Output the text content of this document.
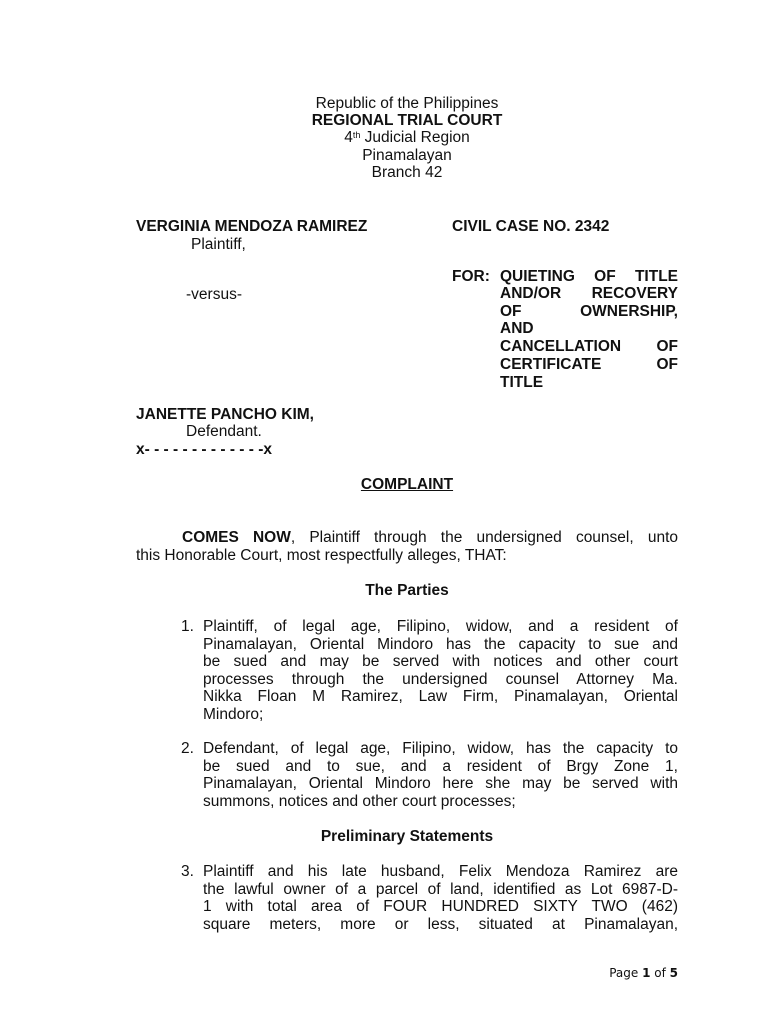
Republic of the Philippines
REGIONAL TRIAL COURT
4th Judicial Region
Pinamalayan
Branch 42
VERGINIA MENDOZA RAMIREZ
Plaintiff,
CIVIL CASE NO. 2342
FOR: QUIETING OF TITLE
AND/OR RECOVERY
OF OWNERSHIP,
AND
CANCELLATION OF
CERTIFICATE OF
TITLE
-versus-
JANETTE PANCHO KIM,
Defendant.
x- - - - - - - - - - - - -x
COMPLAINT
COMES NOW, Plaintiff through the undersigned counsel, unto
this Honorable Court, most respectfully alleges, THAT:
The Parties
1. Plaintiff, of legal age, Filipino, widow, and a resident of
Pinamalayan, Oriental Mindoro has the capacity to sue and
be sued and may be served with notices and other court
processes through the undersigned counsel Attorney Ma.
Nikka Floan M Ramirez, Law Firm, Pinamalayan, Oriental
Mindoro;
2. Defendant, of legal age, Filipino, widow, has the capacity to
be sued and to sue, and a resident of Brgy Zone 1,
Pinamalayan, Oriental Mindoro here she may be served with
summons, notices and other court processes;
Preliminary Statements
3. Plaintiff and his late husband, Felix Mendoza Ramirez are
the lawful owner of a parcel of land, identified as Lot 6987-D-
1 with total area of FOUR HUNDRED SIXTY TWO (462)
square meters, more or less, situated at Pinamalayan,
Page 1 of 5
